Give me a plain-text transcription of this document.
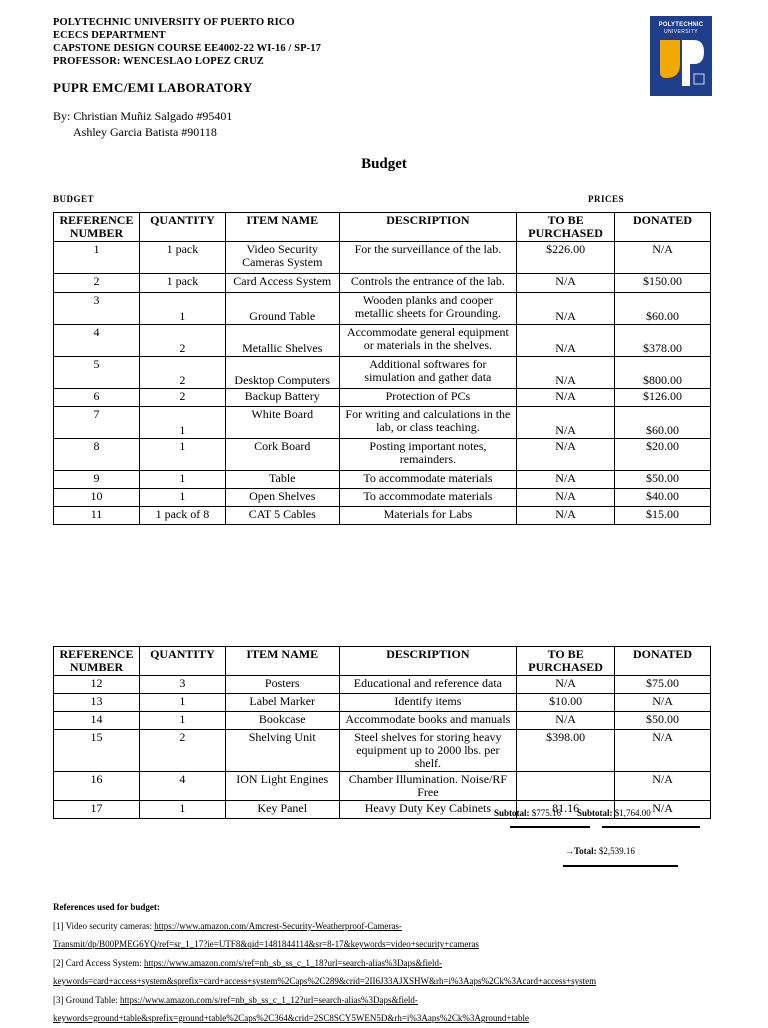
POLYTECHNIC UNIVERSITY OF PUERTO RICO
ECECS DEPARTMENT
CAPSTONE DESIGN COURSE EE4002-22 WI-16 / SP-17
PROFESSOR: WENCESLAO LOPEZ CRUZ
POLYTECHNIC
UNIVERSITY
PUPR EMC/EMI LABORATORY
By: Christian Muñiz Salgado #95401
Ashley Garcia Batista #90118
Budget
BUDGET	PRICES
REFERENCE NUMBER	QUANTITY	ITEM NAME	DESCRIPTION	TO BE PURCHASED	DONATED
1	1 pack	Video Security Cameras System	For the surveillance of the lab.	$226.00	N/A
2	1 pack	Card Access System	Controls the entrance of the lab.	N/A	$150.00
3	1	Ground Table	Wooden planks and cooper metallic sheets for Grounding.	N/A	$60.00
4	2	Metallic Shelves	Accommodate general equipment or materials in the shelves.	N/A	$378.00
5	2	Desktop Computers	Additional softwares for simulation and gather data	N/A	$800.00
6	2	Backup Battery	Protection of PCs	N/A	$126.00
7	1	White Board	For writing and calculations in the lab, or class teaching.	N/A	$60.00
8	1	Cork Board	Posting important notes, remainders.	N/A	$20.00
9	1	Table	To accommodate materials	N/A	$50.00
10	1	Open Shelves	To accommodate materials	N/A	$40.00
11	1 pack of 8	CAT 5 Cables	Materials for Labs	N/A	$15.00
REFERENCE NUMBER	QUANTITY	ITEM NAME	DESCRIPTION	TO BE PURCHASED	DONATED
12	3	Posters	Educational and reference data	N/A	$75.00
13	1	Label Marker	Identify items	$10.00	N/A
14	1	Bookcase	Accommodate books and manuals	N/A	$50.00
15	2	Shelving Unit	Steel shelves for storing heavy equipment up to 2000 lbs. per shelf.	$398.00	N/A
16	4	ION Light Engines	Chamber Illumination. Noise/RF Free		N/A
17	1	Key Panel	Heavy Duty Key Cabinets	81.16	N/A
Subtotal: $775.16 Subtotal: $1,764.00
→Total: $2,539.16
References used for budget:
[1] Video security cameras: https://www.amazon.com/Amcrest-Security-Weatherproof-Cameras-
Transmit/dp/B00PMEG6YQ/ref=sr_1_17?ie=UTF8&qid=1481844114&sr=8-17&keywords=video+security+cameras
[2] Card Access System: https://www.amazon.com/s/ref=nb_sb_ss_c_1_18?url=search-alias%3Daps&field-
keywords=card+access+system&sprefix=card+access+system%2Caps%2C289&crid=2II6J33AJXSHW&rh=i%3Aaps%2Ck%3Acard+access+system
[3] Ground Table: https://www.amazon.com/s/ref=nb_sb_ss_c_1_12?url=search-alias%3Daps&field-
keywords=ground+table&sprefix=ground+table%2Caps%2C364&crid=2SC8SCY5WEN5D&rh=i%3Aaps%2Ck%3Aground+table
